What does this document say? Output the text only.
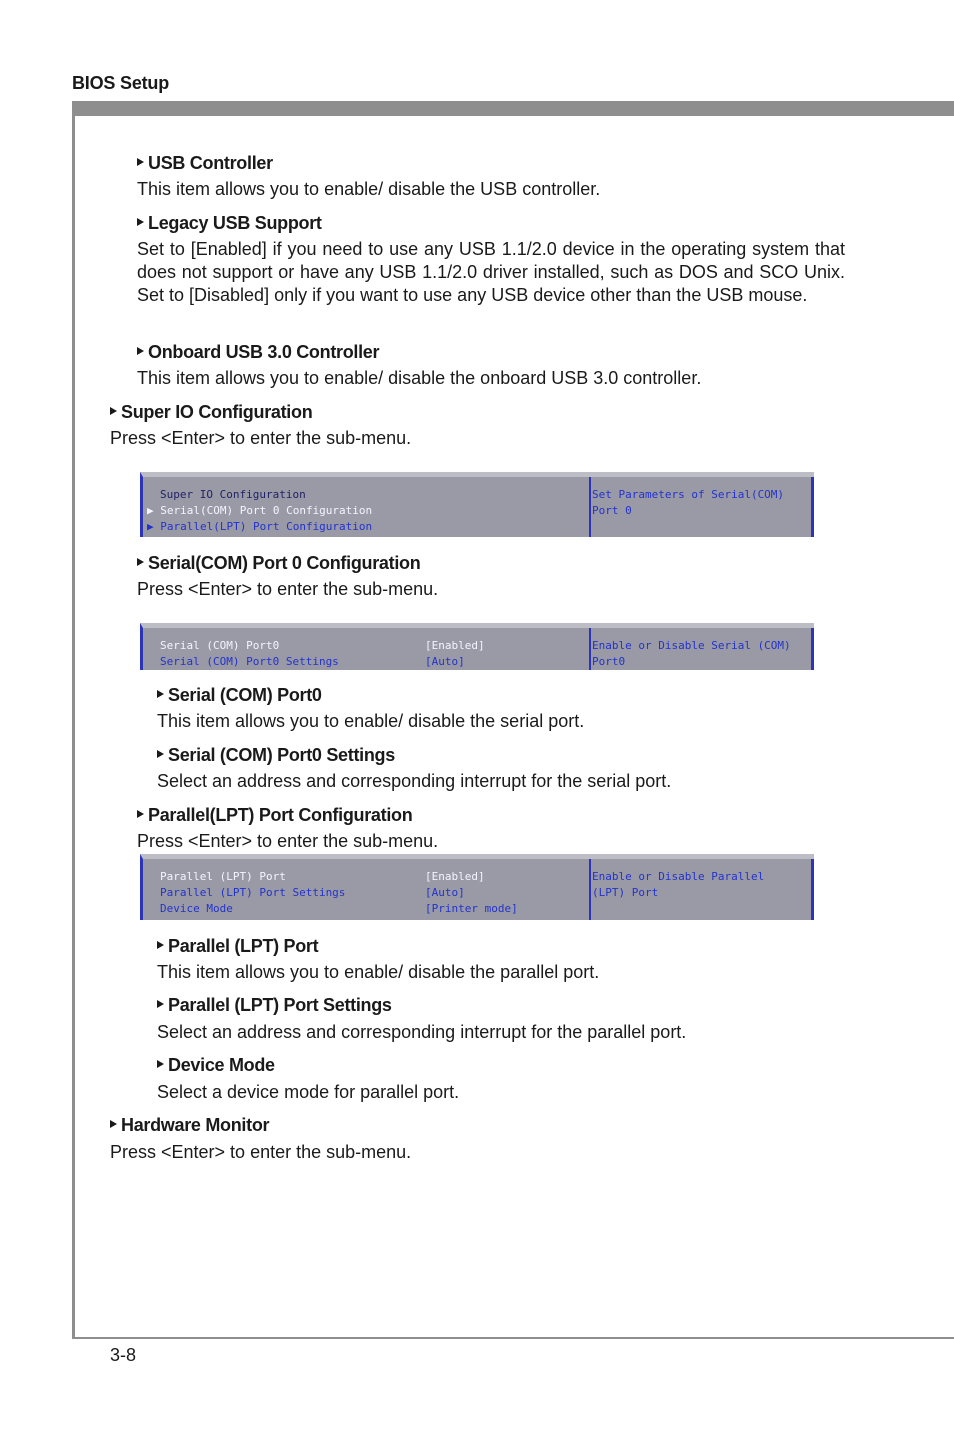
BIOS Setup
USB Controller
This item allows you to enable/ disable the USB controller.
Legacy USB Support
Set to [Enabled] if you need to use any USB 1.1/2.0 device in the operating system that does not support or have any USB 1.1/2.0 driver installed, such as DOS and SCO Unix. Set to [Disabled] only if you want to use any USB device other than the USB mouse.
Onboard USB 3.0 Controller
This item allows you to enable/ disable the onboard USB 3.0 controller.
Super IO Configuration
Press <Enter> to enter the sub-menu.
Super IO Configuration
▶ Serial(COM) Port 0 Configuration
▶ Parallel(LPT) Port Configuration
Set Parameters of Serial(COM)
Port 0
Serial(COM) Port 0 Configuration
Press <Enter> to enter the sub-menu.
Serial (COM) Port0	[Enabled]
Serial (COM) Port0 Settings	[Auto]
Enable or Disable Serial (COM)
Port0
Serial (COM) Port0
This item allows you to enable/ disable the serial port.
Serial (COM) Port0 Settings
Select an address and corresponding interrupt for the serial port.
Parallel(LPT) Port Configuration
Press <Enter> to enter the sub-menu.
Parallel (LPT) Port	[Enabled]
Parallel (LPT) Port Settings	[Auto]
Device Mode	[Printer mode]
Enable or Disable Parallel
(LPT) Port
Parallel (LPT) Port
This item allows you to enable/ disable the parallel port.
Parallel (LPT) Port Settings
Select an address and corresponding interrupt for the parallel port.
Device Mode
Select a device mode for parallel port.
Hardware Monitor
Press <Enter> to enter the sub-menu.
3-8
